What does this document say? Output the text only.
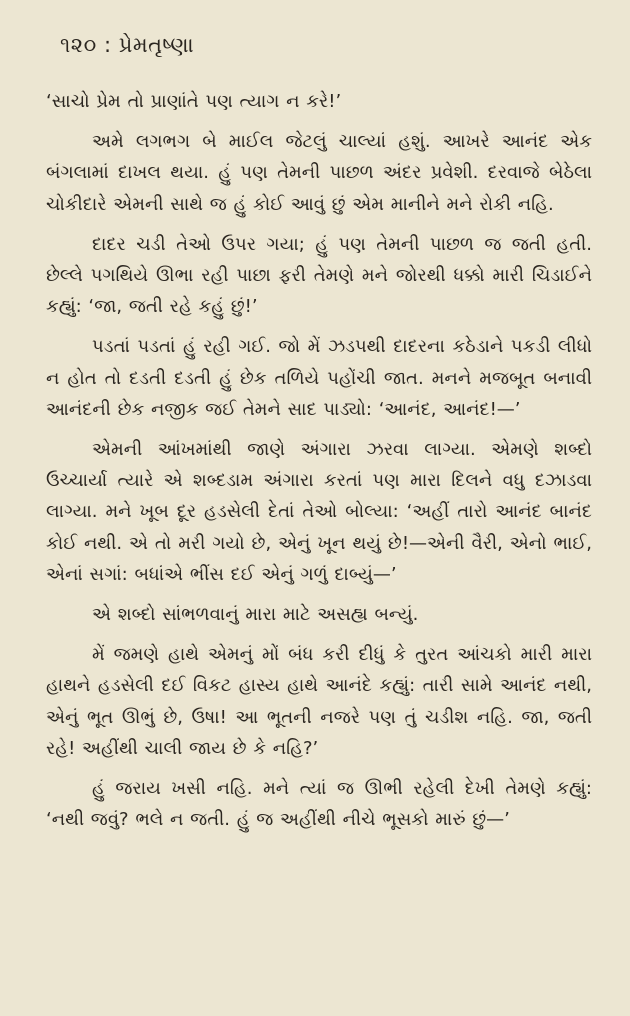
૧૨૦ : પ્રેમતૃષ્ણા

‘સાચો પ્રેમ તો પ્રાણાંતે પણ ત્યાગ ન કરે!’

અમે લગભગ બે માઈલ જેટલું ચાલ્યાં હશું. આખરે આનંદ એક બંગલામાં દાખલ થયા. હું પણ તેમની પાછળ અંદર પ્રવેશી. દરવાજે બેઠેલા ચોકીદારે એમની સાથે જ હું કોઈ આવું છું એમ માનીને મને રોકી નહિ.

દાદર ચડી તેઓ ઉપર ગયા; હું પણ તેમની પાછળ જ જતી હતી. છેલ્લે પગથિયે ઊભા રહી પાછા ફરી તેમણે મને જોરથી ધક્કો મારી ચિડાઈને કહ્યું: ‘જા, જતી રહે કહું છું!’

પડતાં પડતાં હું રહી ગઈ. જો મેં ઝડપથી દાદરના કઠેડાને પકડી લીધો ન હોત તો દડતી દડતી હું છેક તળિયે પહોંચી જાત. મનને મજબૂત બનાવી આનંદની છેક નજીક જઈ તેમને સાદ પાડ્યો: ‘આનંદ, આનંદ!—’

એમની આંખમાંથી જાણે અંગારા ઝરવા લાગ્યા. એમણે શબ્દો ઉચ્ચાર્યા ત્યારે એ શબ્દડામ અંગારા કરતાં પણ મારા દિલને વધુ દઝાડવા લાગ્યા. મને ખૂબ દૂર હડસેલી દેતાં તેઓ બોલ્યા: ‘અહીં તારો આનંદ બાનંદ કોઈ નથી. એ તો મરી ગયો છે, એનું ખૂન થયું છે!—એની વૈરી, એનો ભાઈ, એનાં સગાં: બધાંએ ભીંસ દઈ એનું ગળું દાબ્યું—’

એ શબ્દો સાંભળવાનું મારા માટે અસહ્ય બન્યું.

મેં જમણે હાથે એમનું મોં બંધ કરી દીધું કે તુરત આંચકો મારી મારા હાથને હડસેલી દઈ વિકટ હાસ્ય હાથે આનંદે કહ્યું: તારી સામે આનંદ નથી, એનું ભૂત ઊભું છે, ઉષા! આ ભૂતની નજરે પણ તું ચડીશ નહિ. જા, જતી રહે! અહીંથી ચાલી જાય છે કે નહિ?’

હું જરાય ખસી નહિ. મને ત્યાં જ ઊભી રહેલી દેખી તેમણે કહ્યું: ‘નથી જવું? ભલે ન જતી. હું જ અહીંથી નીચે ભૂસકો મારું છું—’
